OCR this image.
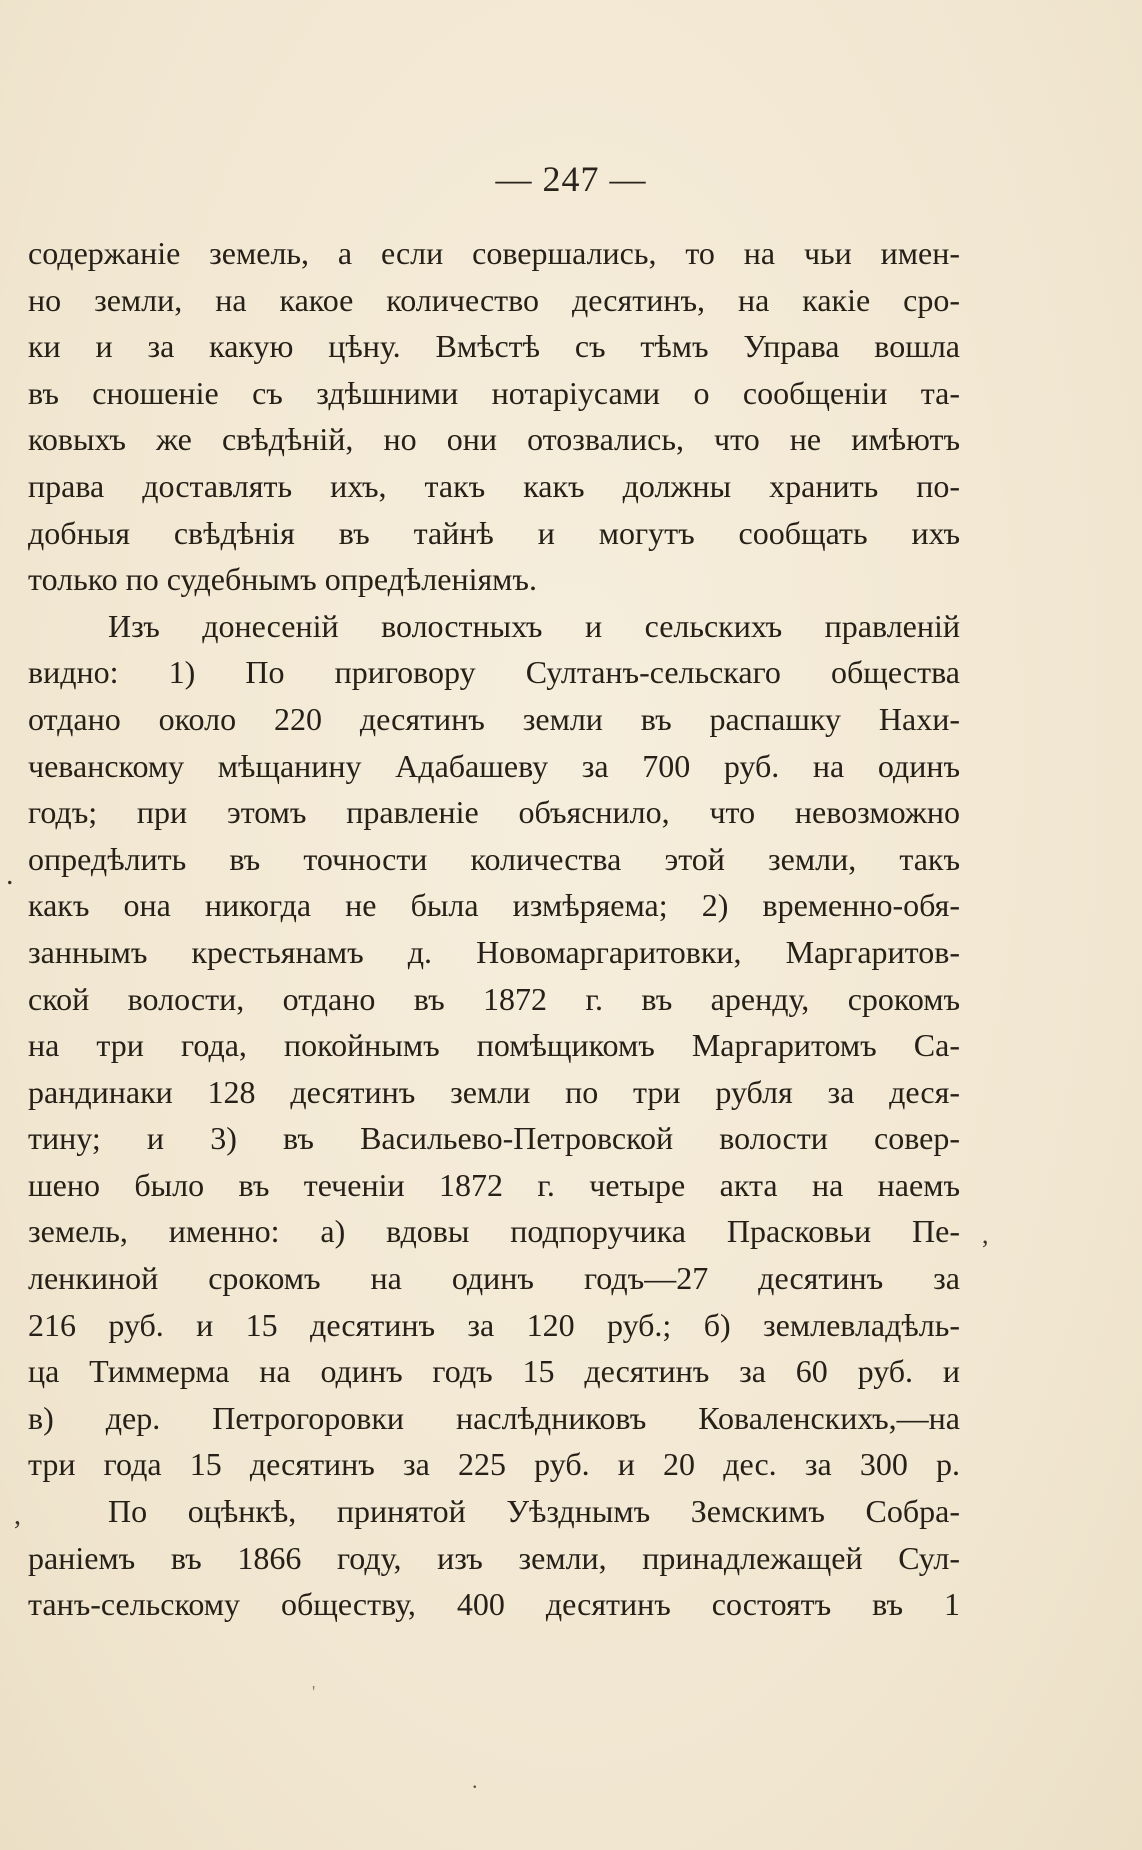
— 247 —
содержаніе земель, а если совершались, то на чьи имен-
но земли, на какое количество десятинъ, на какіе сро-
ки и за какую цѣну. Вмѣстѣ съ тѣмъ Управа вошла
въ сношеніе съ здѣшними нотаріусами о сообщеніи та-
ковыхъ же свѣдѣній, но они отозвались, что не имѣютъ
права доставлять ихъ, такъ какъ должны хранить по-
добныя свѣдѣнія въ тайнѣ и могутъ сообщать ихъ
только по судебнымъ опредѣленіямъ.
Изъ донесеній волостныхъ и сельскихъ правленій
видно: 1) По приговору Султанъ-сельскаго общества
отдано около 220 десятинъ земли въ распашку Нахи-
чеванскому мѣщанину Адабашеву за 700 руб. на одинъ
годъ; при этомъ правленіе объяснило, что невозможно
опредѣлить въ точности количества этой земли, такъ
какъ она никогда не была измѣряема; 2) временно-обя-
заннымъ крестьянамъ д. Новомаргаритовки, Маргаритов-
ской волости, отдано въ 1872 г. въ аренду, срокомъ
на три года, покойнымъ помѣщикомъ Маргаритомъ Са-
рандинаки 128 десятинъ земли по три рубля за деся-
тину; и 3) въ Васильево-Петровской волости совер-
шено было въ теченіи 1872 г. четыре акта на наемъ
земель, именно: а) вдовы подпоручика Прасковьи Пе-
ленкиной срокомъ на одинъ годъ—27 десятинъ за
216 руб. и 15 десятинъ за 120 руб.; б) землевладѣль-
ца Тиммерма на одинъ годъ 15 десятинъ за 60 руб. и
в) дер. Петрогоровки наслѣдниковъ Коваленскихъ,—на
три года 15 десятинъ за 225 руб. и 20 дес. за 300 р.
По оцѣнкѣ, принятой Уѣзднымъ Земскимъ Собра-
раніемъ въ 1866 году, изъ земли, принадлежащей Сул-
танъ-сельскому обществу, 400 десятинъ состоятъ въ 1
.
,
,
.
'
